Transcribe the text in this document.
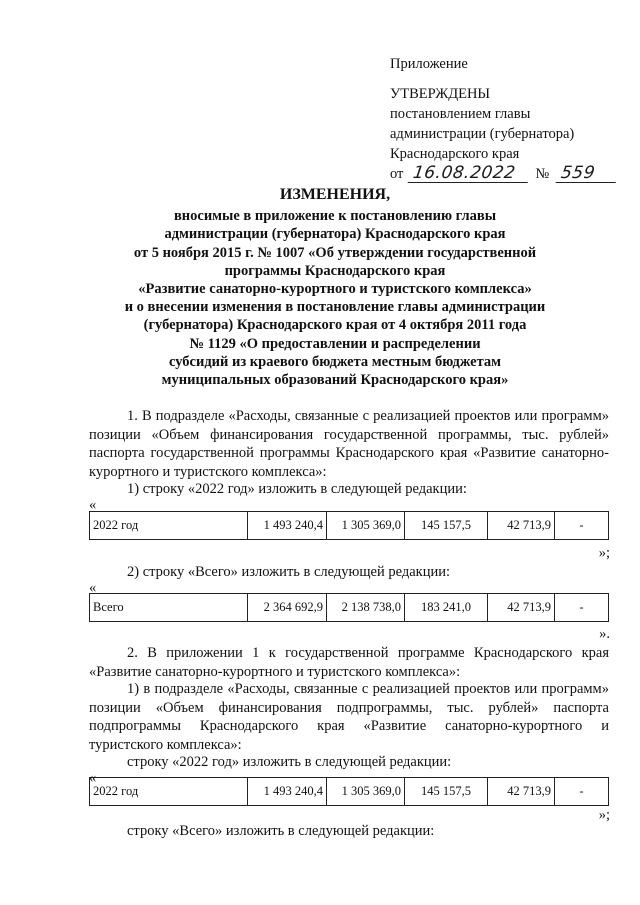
Приложение
УТВЕРЖДЕНЫ
постановлением главы
администрации (губернатора)
Краснодарского края
от 16.08.2022	№ 559
ИЗМЕНЕНИЯ,
вносимые в приложение к постановлению главы
администрации (губернатора) Краснодарского края
от 5 ноября 2015 г. № 1007 «Об утверждении государственной
программы Краснодарского края
«Развитие санаторно-курортного и туристского комплекса»
и о внесении изменения в постановление главы администрации
(губернатора) Краснодарского края от 4 октября 2011 года
№ 1129 «О предоставлении и распределении
субсидий из краевого бюджета местным бюджетам
муниципальных образований Краснодарского края»
1. В подразделе «Расходы, связанные с реализацией проектов или программ» позиции «Объем финансирования государственной программы, тыс. рублей» паспорта государственной программы Краснодарского края «Развитие санаторно-курортного и туристского комплекса»:
1) строку «2022 год» изложить в следующей редакции:
«
2022 год	1 493 240,4	1 305 369,0	145 157,5	42 713,9	-
»;
2) строку «Всего» изложить в следующей редакции:
«
Всего	2 364 692,9	2 138 738,0	183 241,0	42 713,9	-
».
2. В приложении 1 к государственной программе Краснодарского края «Развитие санаторно-курортного и туристского комплекса»:
1) в подразделе «Расходы, связанные с реализацией проектов или программ» позиции «Объем финансирования подпрограммы, тыс. рублей» паспорта подпрограммы Краснодарского края «Развитие санаторно-курортного и туристского комплекса»:
строку «2022 год» изложить в следующей редакции:
«
2022 год	1 493 240,4	1 305 369,0	145 157,5	42 713,9	-
»;
строку «Всего» изложить в следующей редакции:
